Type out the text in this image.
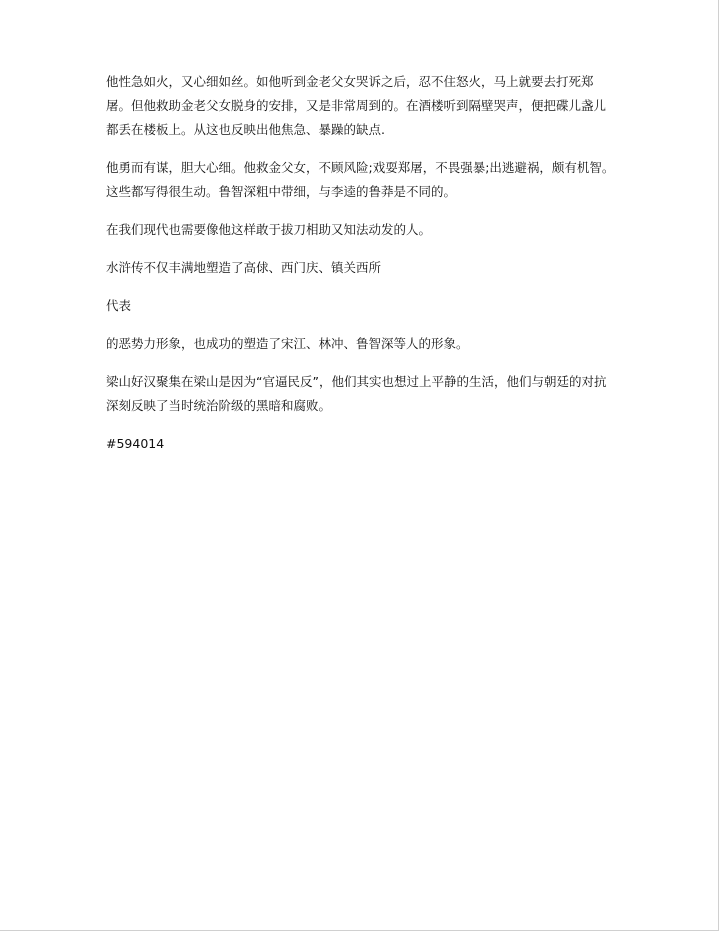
他性急如火，又心细如丝。如他听到金老父女哭诉之后，忍不住怒火，马上就要去打死郑屠。但他救助金老父女脱身的安排，又是非常周到的。在酒楼听到隔壁哭声，便把碟儿盏儿都丢在楼板上。从这也反映出他焦急、暴躁的缺点.

他勇而有谋，胆大心细。他救金父女，不顾风险;戏耍郑屠，不畏强暴;出逃避祸，颇有机智。这些都写得很生动。鲁智深粗中带细，与李逵的鲁莽是不同的。

在我们现代也需要像他这样敢于拔刀相助又知法动发的人。

水浒传不仅丰满地塑造了高俅、西门庆、镇关西所

代表

的恶势力形象，也成功的塑造了宋江、林冲、鲁智深等人的形象。

梁山好汉聚集在梁山是因为“官逼民反”，他们其实也想过上平静的生活，他们与朝廷的对抗深刻反映了当时统治阶级的黑暗和腐败。

#594014
